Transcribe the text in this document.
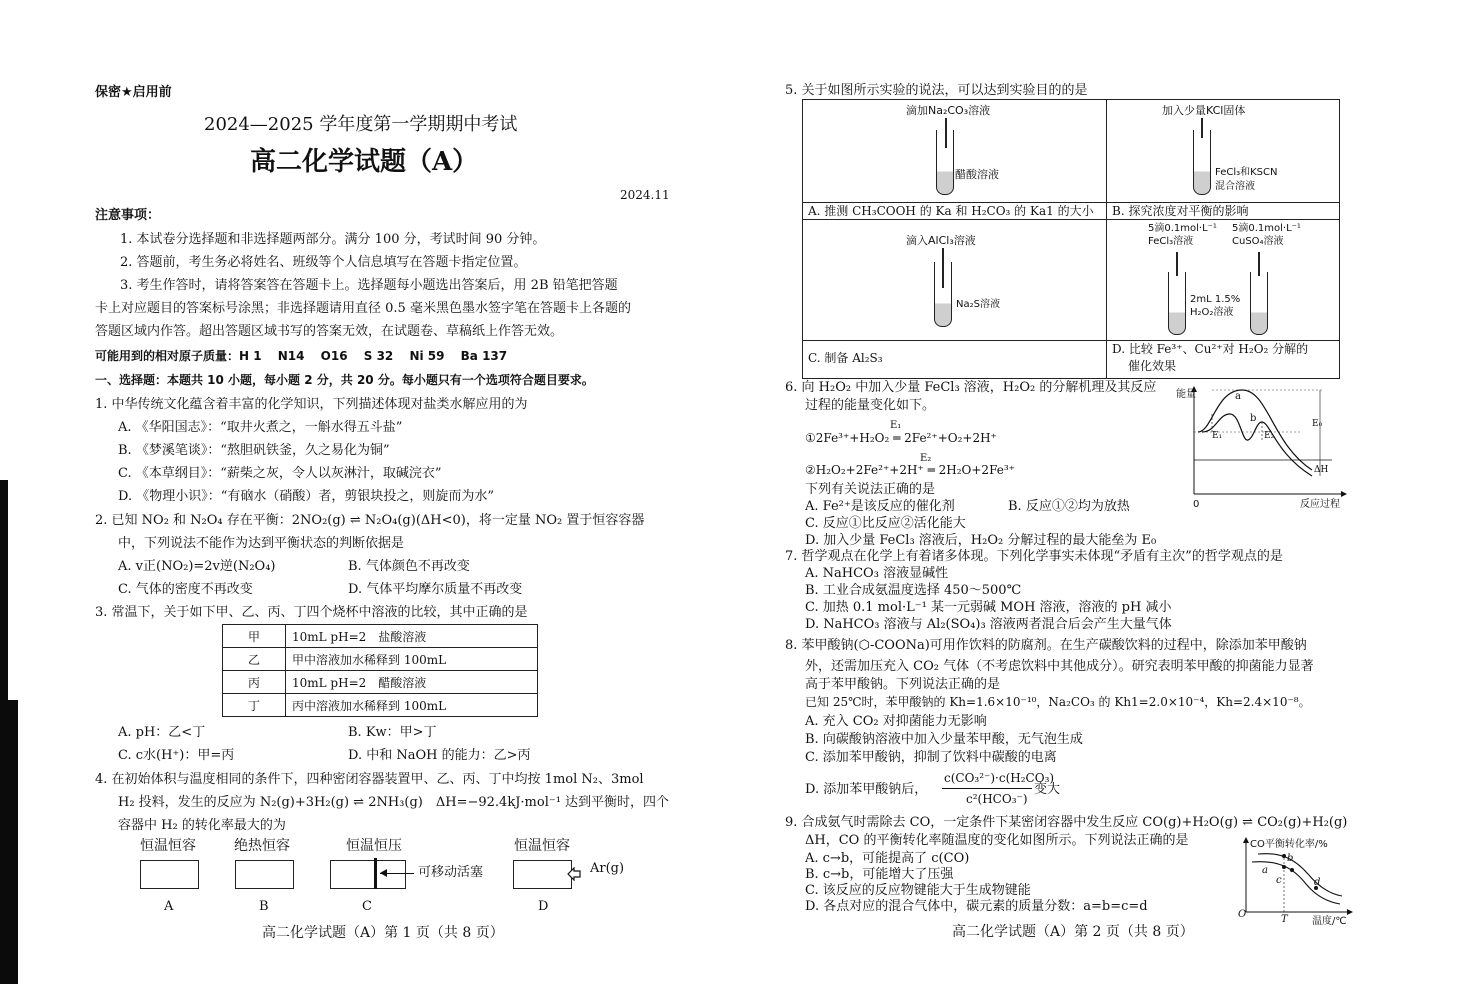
保密★启用前
2024—2025 学年度第一学期期中考试
高二化学试题（A）
2024.11
注意事项：
1. 本试卷分选择题和非选择题两部分。满分 100 分，考试时间 90 分钟。
2. 答题前，考生务必将姓名、班级等个人信息填写在答题卡指定位置。
3. 考生作答时，请将答案答在答题卡上。选择题每小题选出答案后，用 2B 铅笔把答题
卡上对应题目的答案标号涂黑；非选择题请用直径 0.5 毫米黑色墨水签字笔在答题卡上各题的
答题区域内作答。超出答题区域书写的答案无效，在试题卷、草稿纸上作答无效。
可能用到的相对原子质量：H 1　 N14　 O16　 S 32　 Ni 59　 Ba 137
一、选择题：本题共 10 小题，每小题 2 分，共 20 分。每小题只有一个选项符合题目要求。
1. 中华传统文化蕴含着丰富的化学知识，下列描述体现对盐类水解应用的为
A. 《华阳国志》：“取井火煮之，一斛水得五斗盐”
B. 《梦溪笔谈》：“熬胆矾铁釜，久之易化为铜”
C. 《本草纲目》：“薪柴之灰，令人以灰淋汁，取碱浣衣”
D. 《物理小识》：“有硇水（硝酸）者，剪银块投之，则旋而为水”
2. 已知 NO₂ 和 N₂O₄ 存在平衡：2NO₂(g) ⇌ N₂O₄(g)(ΔH<0)，将一定量 NO₂ 置于恒容容器
中，下列说法不能作为达到平衡状态的判断依据是
A. v正(NO₂)=2v逆(N₂O₄)	B. 气体颜色不再改变
C. 气体的密度不再改变	D. 气体平均摩尔质量不再改变
3. 常温下，关于如下甲、乙、丙、丁四个烧杯中溶液的比较，其中正确的是
甲	10mL pH=2　盐酸溶液
乙	甲中溶液加水稀释到 100mL
丙	10mL pH=2　醋酸溶液
丁	丙中溶液加水稀释到 100mL
A. pH：乙<丁	B. Kw：甲>丁
C. c水(H⁺)：甲=丙	D. 中和 NaOH 的能力：乙>丙
4. 在初始体积与温度相同的条件下，四种密闭容器装置甲、乙、丙、丁中均按 1mol N₂、3mol
H₂ 投料，发生的反应为 N₂(g)+3H₂(g) ⇌ 2NH₃(g)　ΔH=−92.4kJ·mol⁻¹ 达到平衡时，四个
容器中 H₂ 的转化率最大的为
恒温恒容	绝热恒容	恒温恒压	恒温恒容
可移动活塞	Ar(g)
A	B	C	D
高二化学试题（A）第 1 页（共 8 页）
5. 关于如图所示实验的说法，可以达到实验目的的是
滴加Na₂CO₃溶液
醋酸溶液
A. 推测 CH₃COOH 的 Ka 和 H₂CO₃ 的 Ka1 的大小
加入少量KCl固体
FeCl₃和KSCN
混合溶液
B. 探究浓度对平衡的影响
滴入AlCl₃溶液
Na₂S溶液
C. 制备 Al₂S₃
5滴0.1mol·L⁻¹
FeCl₃溶液
5滴0.1mol·L⁻¹
CuSO₄溶液
2mL 1.5%
H₂O₂溶液
D. 比较 Fe³⁺、Cu²⁺对 H₂O₂ 分解的
催化效果
6. 向 H₂O₂ 中加入少量 FeCl₃ 溶液，H₂O₂ 的分解机理及其反应
过程的能量变化如下。
E₁
①2Fe³⁺+H₂O₂ ═ 2Fe²⁺+O₂+2H⁺
E₂
②H₂O₂+2Fe²⁺+2H⁺ ═ 2H₂O+2Fe³⁺
下列有关说法正确的是
A. Fe²⁺是该反应的催化剂	B. 反应①②均为放热
C. 反应①比反应②活化能大
D. 加入少量 FeCl₃ 溶液后，H₂O₂ 分解过程的最大能垒为 E₀
能量
反应过程
0
a
b
E₁	E₂
E₀
ΔH
7. 哲学观点在化学上有着诸多体现。下列化学事实未体现“矛盾有主次”的哲学观点的是
A. NaHCO₃ 溶液显碱性
B. 工业合成氨温度选择 450～500℃
C. 加热 0.1 mol·L⁻¹ 某一元弱碱 MOH 溶液，溶液的 pH 减小
D. NaHCO₃ 溶液与 Al₂(SO₄)₃ 溶液两者混合后会产生大量气体
8. 苯甲酸钠(⬡-COONa)可用作饮料的防腐剂。在生产碳酸饮料的过程中，除添加苯甲酸钠
外，还需加压充入 CO₂ 气体（不考虑饮料中其他成分）。研究表明苯甲酸的抑菌能力显著
高于苯甲酸钠。下列说法正确的是
已知 25℃时，苯甲酸钠的 Kh=1.6×10⁻¹⁰，Na₂CO₃ 的 Kh1=2.0×10⁻⁴，Kh=2.4×10⁻⁸。
A. 充入 CO₂ 对抑菌能力无影响
B. 向碳酸钠溶液中加入少量苯甲酸，无气泡生成
C. 添加苯甲酸钠，抑制了饮料中碳酸的电离
D. 添加苯甲酸钠后，
c(CO₃²⁻)·c(H₂CO₃)
c²(HCO₃⁻)
变大
9. 合成氨气时需除去 CO，一定条件下某密闭容器中发生反应 CO(g)+H₂O(g) ⇌ CO₂(g)+H₂(g)
ΔH，CO 的平衡转化率随温度的变化如图所示。下列说法正确的是
A. c→b，可能提高了 c(CO)
B. c→b，可能增大了压强
C. 该反应的反应物键能大于生成物键能
D. 各点对应的混合气体中，碳元素的质量分数：a=b=c=d
CO平衡转化率/%
温度/℃
O	T
a
b
c	d
高二化学试题（A）第 2 页（共 8 页）
